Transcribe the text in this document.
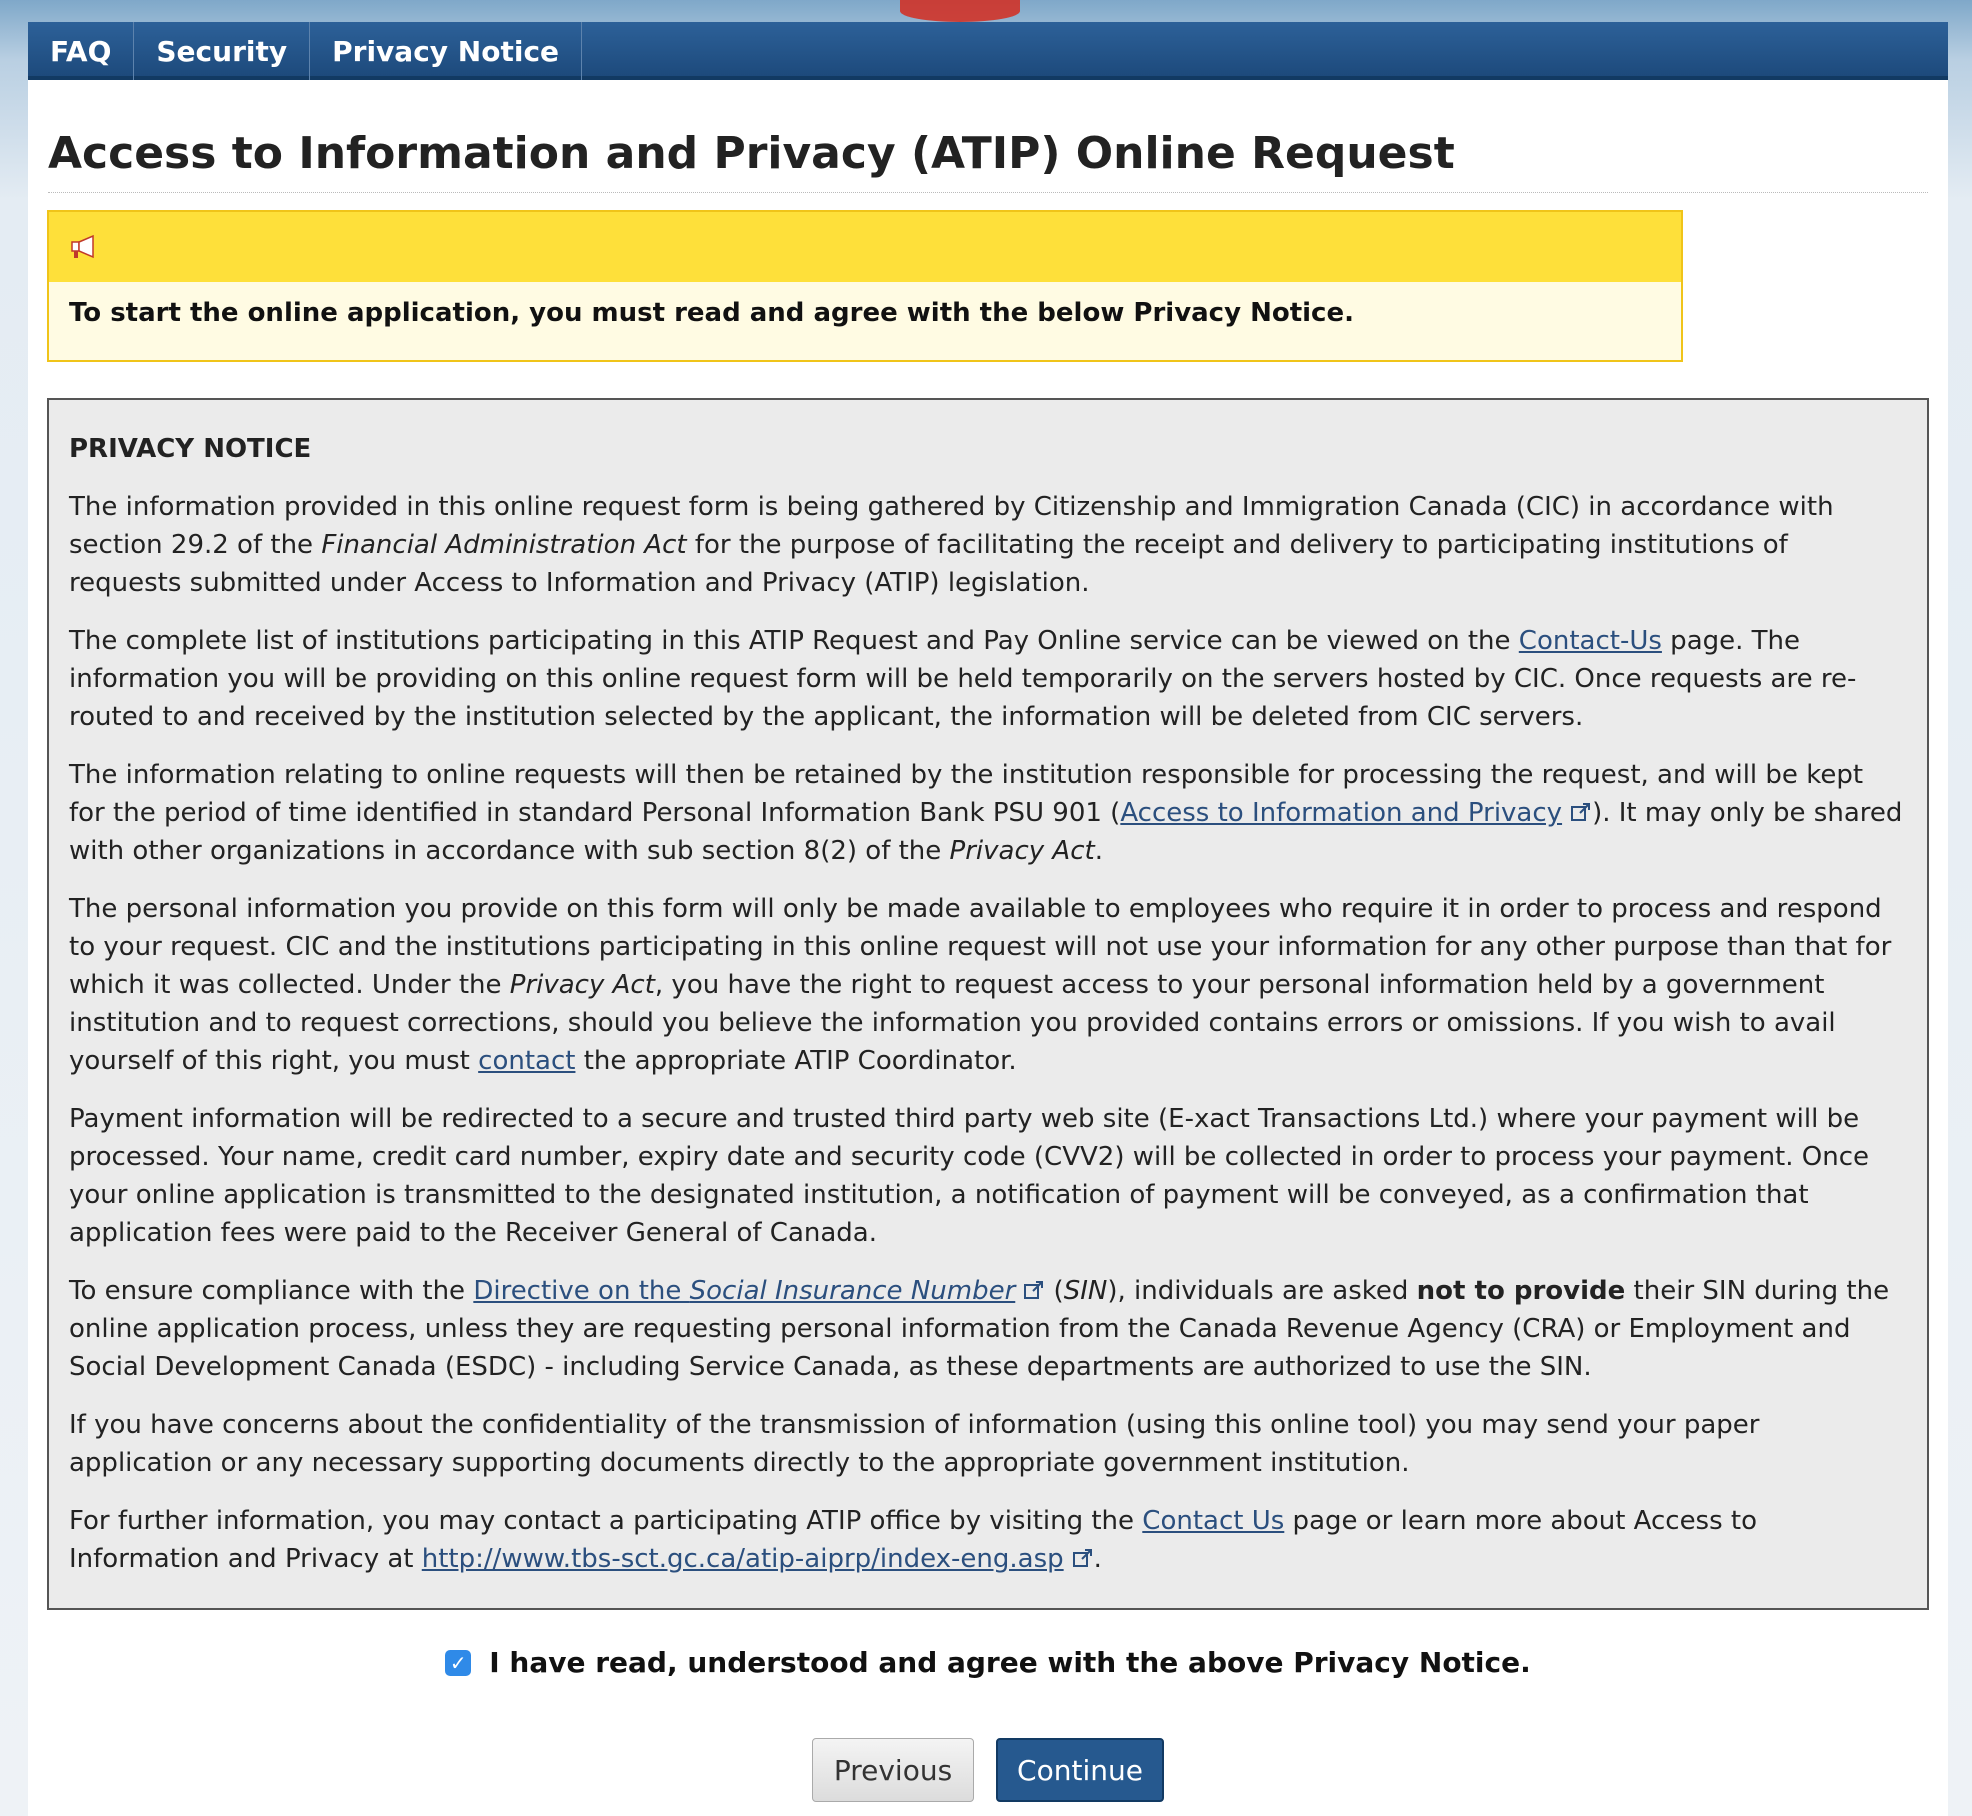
FAQ	Security	Privacy Notice
Access to Information and Privacy (ATIP) Online Request
To start the online application, you must read and agree with the below Privacy Notice.
PRIVACY NOTICE

The information provided in this online request form is being gathered by Citizenship and Immigration Canada (CIC) in accordance with section 29.2 of the Financial Administration Act for the purpose of facilitating the receipt and delivery to participating institutions of requests submitted under Access to Information and Privacy (ATIP) legislation.

The complete list of institutions participating in this ATIP Request and Pay Online service can be viewed on the Contact-Us page. The information you will be providing on this online request form will be held temporarily on the servers hosted by CIC. Once requests are re-routed to and received by the institution selected by the applicant, the information will be deleted from CIC servers.

The information relating to online requests will then be retained by the institution responsible for processing the request, and will be kept for the period of time identified in standard Personal Information Bank PSU 901 (Access to Information and Privacy ). It may only be shared with other organizations in accordance with sub section 8(2) of the Privacy Act.

The personal information you provide on this form will only be made available to employees who require it in order to process and respond to your request. CIC and the institutions participating in this online request will not use your information for any other purpose than that for which it was collected. Under the Privacy Act, you have the right to request access to your personal information held by a government institution and to request corrections, should you believe the information you provided contains errors or omissions. If you wish to avail yourself of this right, you must contact the appropriate ATIP Coordinator.

Payment information will be redirected to a secure and trusted third party web site (E-xact Transactions Ltd.) where your payment will be processed. Your name, credit card number, expiry date and security code (CVV2) will be collected in order to process your payment. Once your online application is transmitted to the designated institution, a notification of payment will be conveyed, as a confirmation that application fees were paid to the Receiver General of Canada.

To ensure compliance with the Directive on the Social Insurance Number (SIN), individuals are asked not to provide their SIN during the online application process, unless they are requesting personal information from the Canada Revenue Agency (CRA) or Employment and Social Development Canada (ESDC) - including Service Canada, as these departments are authorized to use the SIN.

If you have concerns about the confidentiality of the transmission of information (using this online tool) you may send your paper application or any necessary supporting documents directly to the appropriate government institution.

For further information, you may contact a participating ATIP office by visiting the Contact Us page or learn more about Access to Information and Privacy at http://www.tbs-sct.gc.ca/atip-aiprp/index-eng.asp .

✓ I have read, understood and agree with the above Privacy Notice.
Previous	Continue
